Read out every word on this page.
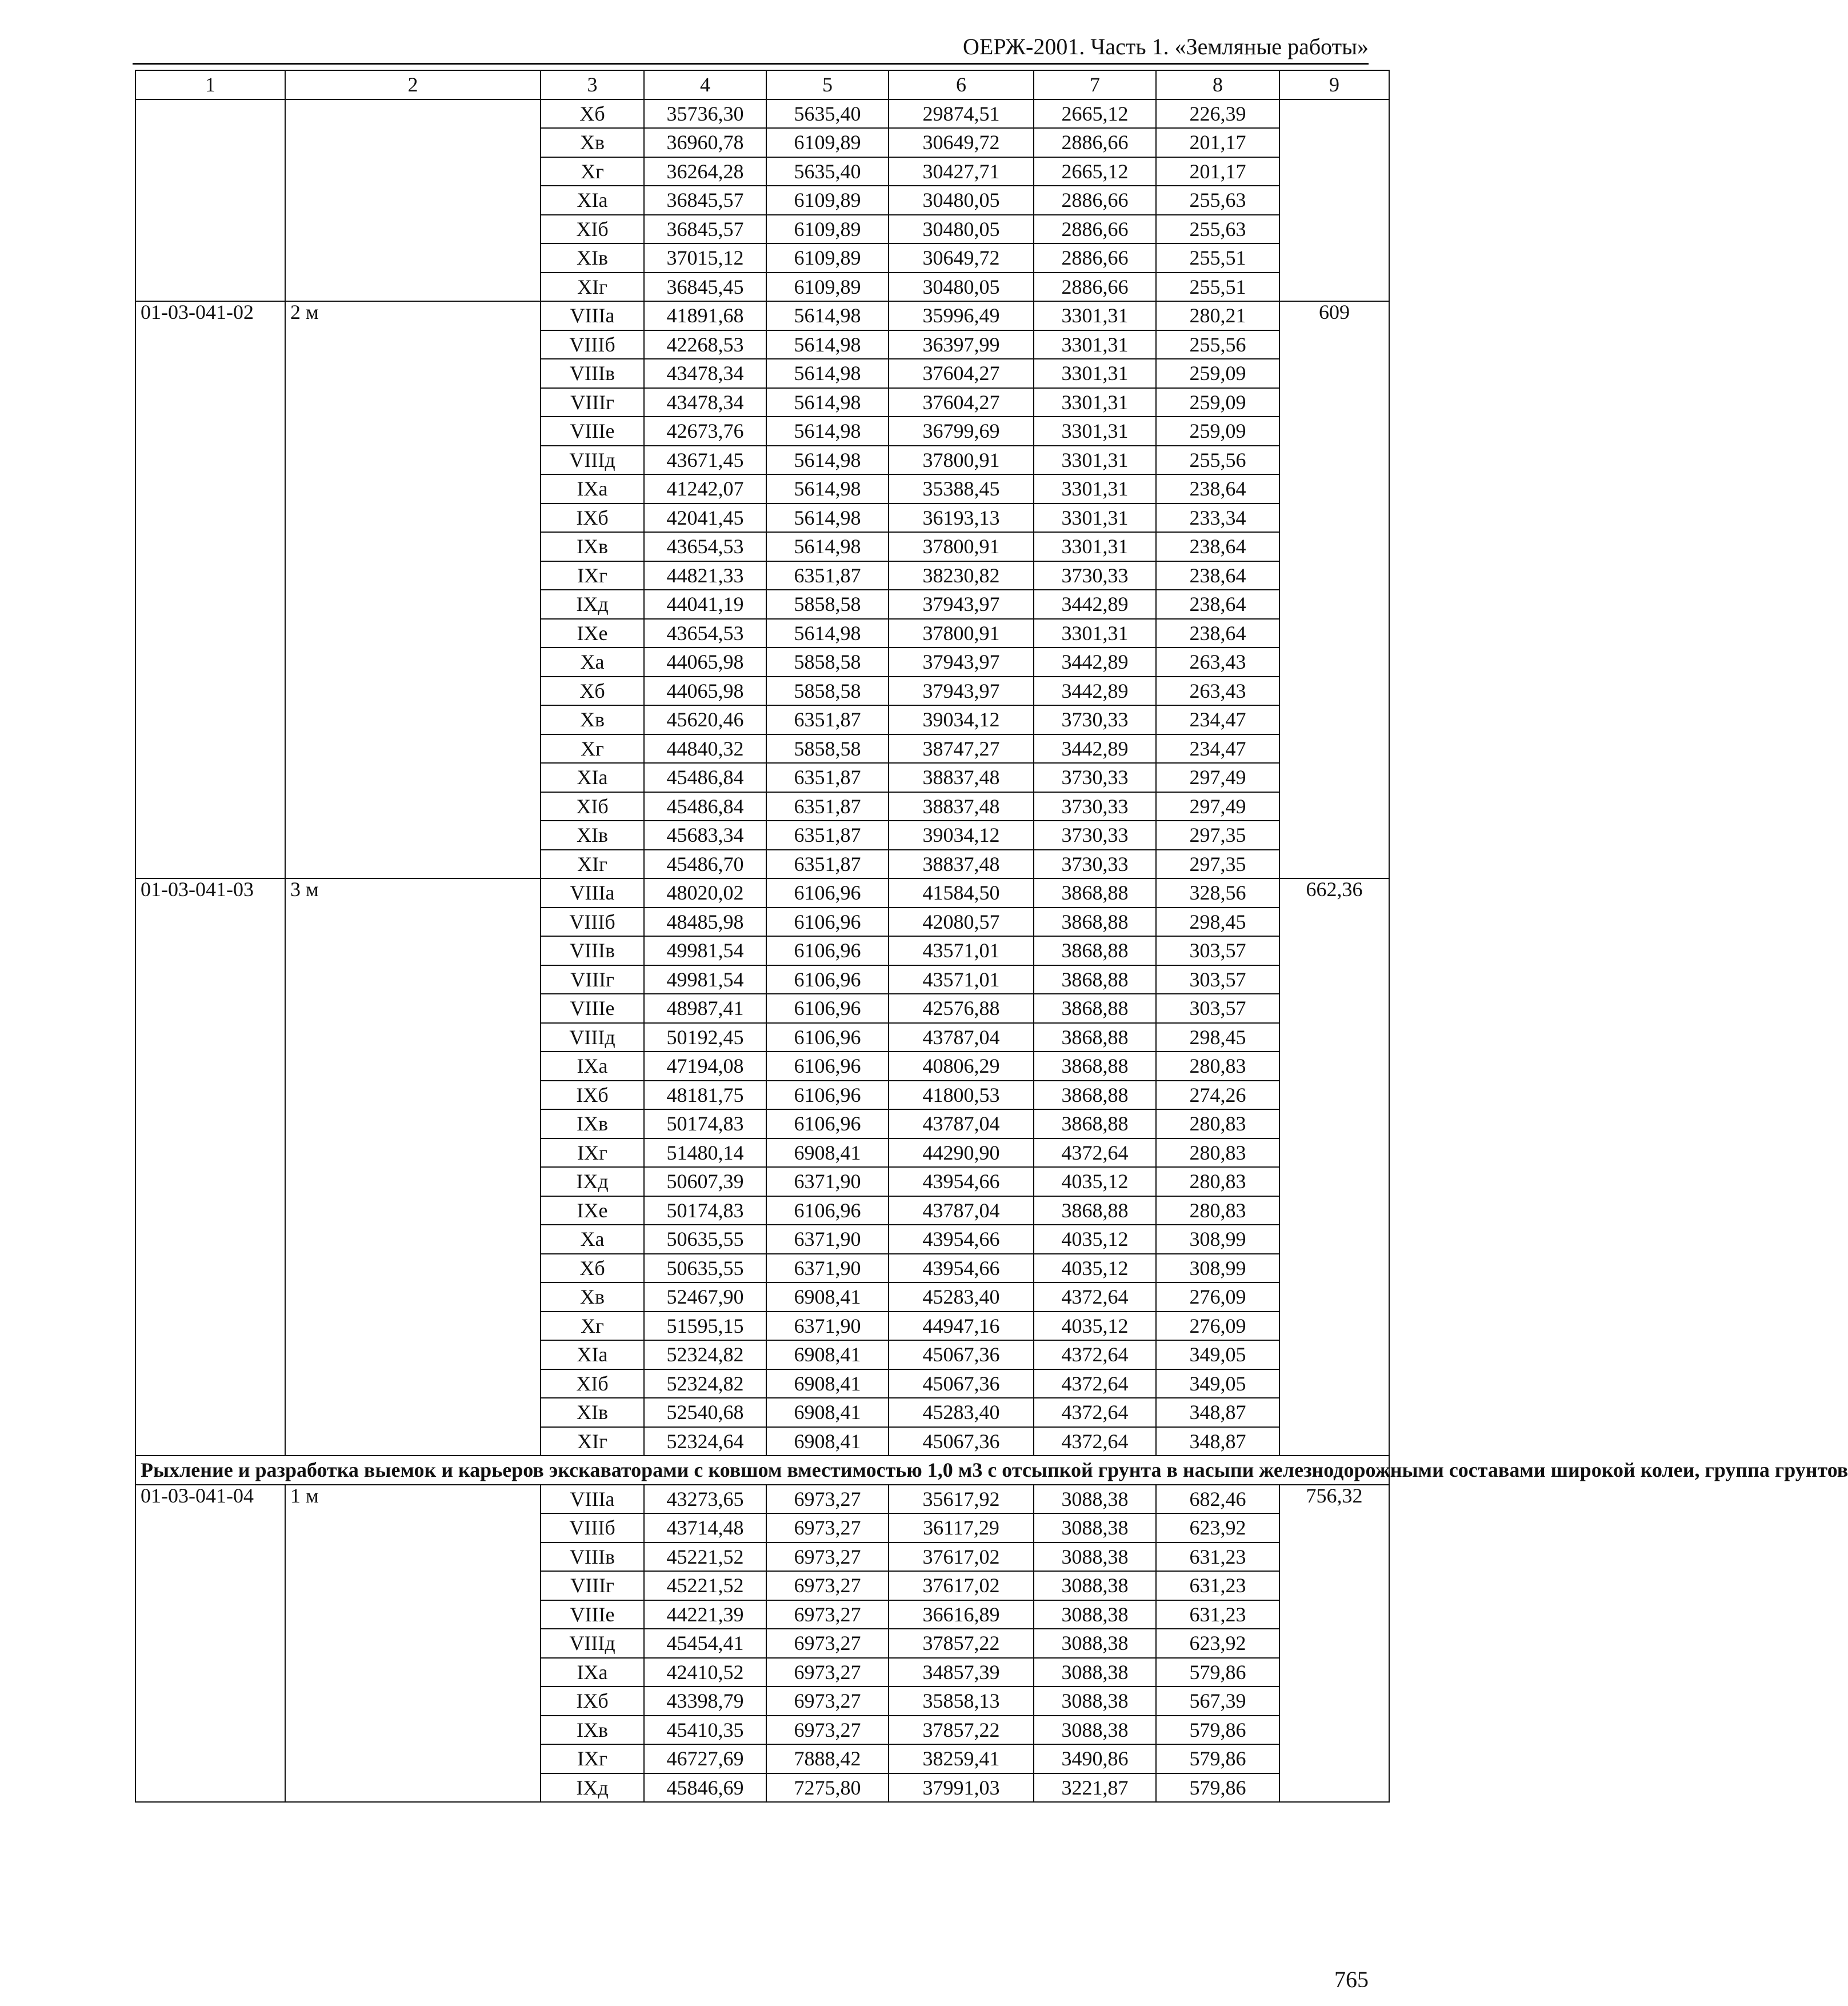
ОЕРЖ-2001. Часть 1. «Земляные работы»
1	2	3	4	5	6	7	8	9
		Хб	35736,30	5635,40	29874,51	2665,12	226,39	
		Хв	36960,78	6109,89	30649,72	2886,66	201,17	
		Хг	36264,28	5635,40	30427,71	2665,12	201,17	
		ХIа	36845,57	6109,89	30480,05	2886,66	255,63	
		ХIб	36845,57	6109,89	30480,05	2886,66	255,63	
		ХIв	37015,12	6109,89	30649,72	2886,66	255,51	
		ХIг	36845,45	6109,89	30480,05	2886,66	255,51	
01-03-041-02	2 м	VIIIа	41891,68	5614,98	35996,49	3301,31	280,21	609
		VIIIб	42268,53	5614,98	36397,99	3301,31	255,56	
		VIIIв	43478,34	5614,98	37604,27	3301,31	259,09	
		VIIIг	43478,34	5614,98	37604,27	3301,31	259,09	
		VIIIе	42673,76	5614,98	36799,69	3301,31	259,09	
		VIIIд	43671,45	5614,98	37800,91	3301,31	255,56	
		IХа	41242,07	5614,98	35388,45	3301,31	238,64	
		IХб	42041,45	5614,98	36193,13	3301,31	233,34	
		IХв	43654,53	5614,98	37800,91	3301,31	238,64	
		IХг	44821,33	6351,87	38230,82	3730,33	238,64	
		IХд	44041,19	5858,58	37943,97	3442,89	238,64	
		IХе	43654,53	5614,98	37800,91	3301,31	238,64	
		Ха	44065,98	5858,58	37943,97	3442,89	263,43	
		Хб	44065,98	5858,58	37943,97	3442,89	263,43	
		Хв	45620,46	6351,87	39034,12	3730,33	234,47	
		Хг	44840,32	5858,58	38747,27	3442,89	234,47	
		ХIа	45486,84	6351,87	38837,48	3730,33	297,49	
		ХIб	45486,84	6351,87	38837,48	3730,33	297,49	
		ХIв	45683,34	6351,87	39034,12	3730,33	297,35	
		ХIг	45486,70	6351,87	38837,48	3730,33	297,35	
01-03-041-03	3 м	VIIIа	48020,02	6106,96	41584,50	3868,88	328,56	662,36
		VIIIб	48485,98	6106,96	42080,57	3868,88	298,45	
		VIIIв	49981,54	6106,96	43571,01	3868,88	303,57	
		VIIIг	49981,54	6106,96	43571,01	3868,88	303,57	
		VIIIе	48987,41	6106,96	42576,88	3868,88	303,57	
		VIIIд	50192,45	6106,96	43787,04	3868,88	298,45	
		IХа	47194,08	6106,96	40806,29	3868,88	280,83	
		IХб	48181,75	6106,96	41800,53	3868,88	274,26	
		IХв	50174,83	6106,96	43787,04	3868,88	280,83	
		IХг	51480,14	6908,41	44290,90	4372,64	280,83	
		IХд	50607,39	6371,90	43954,66	4035,12	280,83	
		IХе	50174,83	6106,96	43787,04	3868,88	280,83	
		Ха	50635,55	6371,90	43954,66	4035,12	308,99	
		Хб	50635,55	6371,90	43954,66	4035,12	308,99	
		Хв	52467,90	6908,41	45283,40	4372,64	276,09	
		Хг	51595,15	6371,90	44947,16	4035,12	276,09	
		ХIа	52324,82	6908,41	45067,36	4372,64	349,05	
		ХIб	52324,82	6908,41	45067,36	4372,64	349,05	
		ХIв	52540,68	6908,41	45283,40	4372,64	348,87	
		ХIг	52324,64	6908,41	45067,36	4372,64	348,87	
Рыхление и разработка выемок и карьеров экскаваторами с ковшом вместимостью 1,0 м3 с отсыпкой грунта в насыпи железнодорожными составами широкой колеи, группа грунтов								
01-03-041-04	1 м	VIIIа	43273,65	6973,27	35617,92	3088,38	682,46	756,32
		VIIIб	43714,48	6973,27	36117,29	3088,38	623,92	
		VIIIв	45221,52	6973,27	37617,02	3088,38	631,23	
		VIIIг	45221,52	6973,27	37617,02	3088,38	631,23	
		VIIIе	44221,39	6973,27	36616,89	3088,38	631,23	
		VIIIд	45454,41	6973,27	37857,22	3088,38	623,92	
		IХа	42410,52	6973,27	34857,39	3088,38	579,86	
		IХб	43398,79	6973,27	35858,13	3088,38	567,39	
		IХв	45410,35	6973,27	37857,22	3088,38	579,86	
		IХг	46727,69	7888,42	38259,41	3490,86	579,86	
		IХд	45846,69	7275,80	37991,03	3221,87	579,86	
765
